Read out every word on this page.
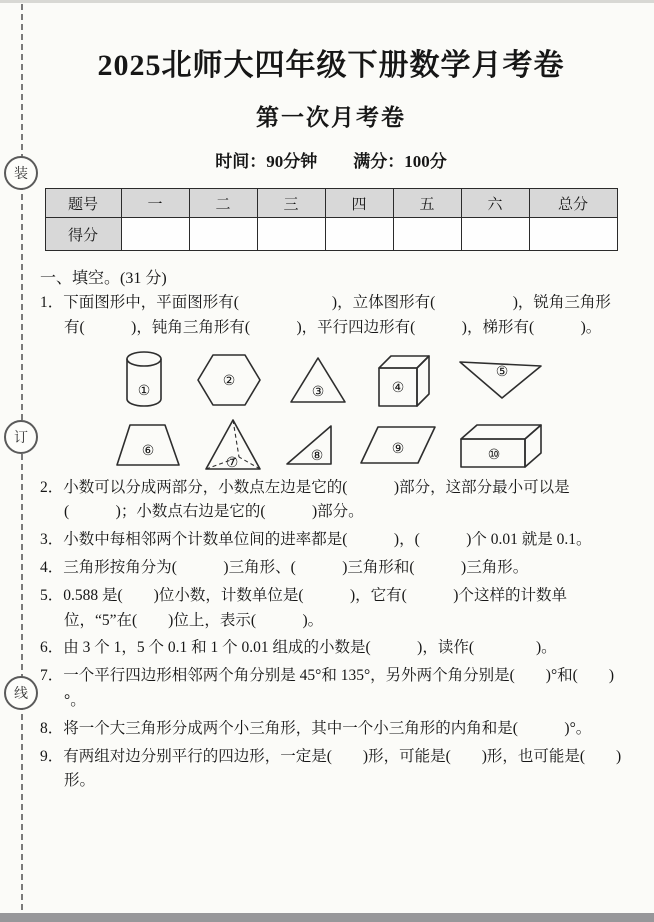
装
订
线
2025北师大四年级下册数学月考卷
第一次月考卷
时间：90分钟 满分：100分
题号	一	二	三	四	五	六	总分
得分							
一、填空。(31 分)

1．下面图形中，平面图形有(　　　　　　)，立体图形有(　　　　　)，锐角三角形有(　　　)，钝角三角形有(　　　)，平行四边形有(　　　)，梯形有(　　　)。

①
②
③	④
⑤
⑥
⑦	⑧	⑨	⑩

2．小数可以分成两部分，小数点左边是它的(　　　)部分，这部分最小可以是(　　　)；小数点右边是它的(　　　)部分。

3．小数中每相邻两个计数单位间的进率都是(　　　)，(　　　)个 0.01 就是 0.1。

4．三角形按角分为(　　　)三角形、(　　　)三角形和(　　　)三角形。

5．0.588 是(　　)位小数，计数单位是(　　　)，它有(　　　)个这样的计数单位，“5”在(　　)位上，表示(　　　)。

6．由 3 个 1，5 个 0.1 和 1 个 0.01 组成的小数是(　　　)，读作(　　　　)。

7．一个平行四边形相邻两个角分别是 45°和 135°，另外两个角分别是(　　)°和(　　)°。

8．将一个大三角形分成两个小三角形，其中一个小三角形的内角和是(　　　)°。

9．有两组对边分别平行的四边形，一定是(　　)形，可能是(　　)形，也可能是(　　)形。
